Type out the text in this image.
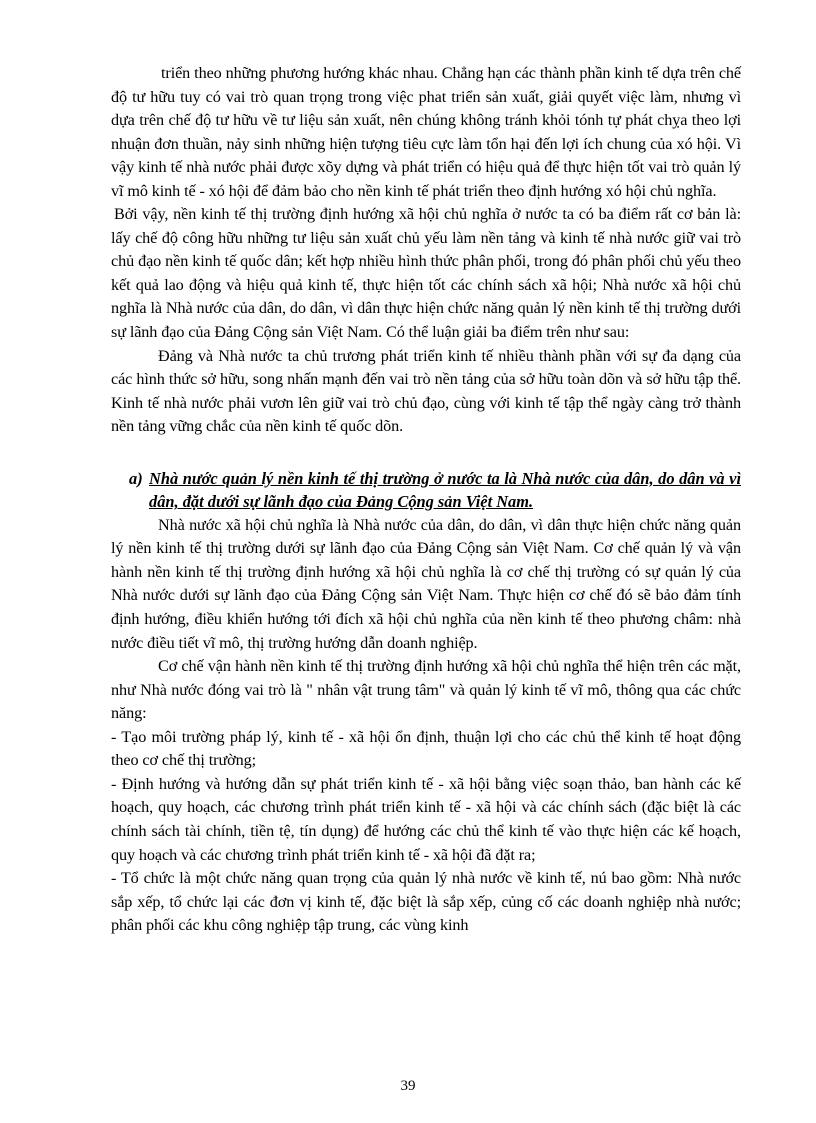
triển theo những phương hướng khác nhau. Chẳng hạn các thành phần kinh tế dựa trên chế độ tư hữu tuy có vai trò quan trọng trong việc phat triển sản xuất, giải quyết việc làm, nhưng vì dựa trên chế độ tư hữu về tư liệu sản xuất, nên chúng không tránh khỏi tónh tự phát chỵa theo lợi nhuận đơn thuần, nảy sinh những hiện tượng tiêu cực làm tổn hại đến lợi ích chung của xó hội. Vì vậy kinh tế nhà nước phải được xõy dựng và phát triển có hiệu quả để thực hiện tốt vai trò quản lý vĩ mô kinh tế - xó hội để đảm bảo cho nền kinh tế phát triển theo định hướng xó hội chủ nghĩa.

Bởi vậy, nền kinh tế thị trường định hướng xã hội chủ nghĩa ở nước ta có ba điểm rất cơ bản là: lấy chế độ công hữu những tư liệu sản xuất chủ yếu làm nền tảng và kinh tế nhà nước giữ vai trò chủ đạo nền kinh tế quốc dân; kết hợp nhiều hình thức phân phối, trong đó phân phối chủ yếu theo kết quả lao động và hiệu quả kinh tế, thực hiện tốt các chính sách xã hội; Nhà nước xã hội chủ nghĩa là Nhà nước của dân, do dân, vì dân thực hiện chức năng quản lý nền kinh tế thị trường dưới sự lãnh đạo của Đảng Cộng sản Việt Nam. Có thể luận giải ba điểm trên như sau:

Đảng và Nhà nước ta chủ trương phát triển kinh tế nhiều thành phần với sự đa dạng của các hình thức sở hữu, song nhấn mạnh đến vai trò nền tảng của sở hữu toàn dõn và sở hữu tập thể. Kinh tế nhà nước phải vươn lên giữ vai trò chủ đạo, cùng với kinh tế tập thể ngày càng trở thành nền tảng vững chắc của nền kinh tế quốc dõn.

a) Nhà nước quản lý nền kinh tế thị trường ở nước ta là Nhà nước của dân, do dân và vì dân, đặt dưới sự lãnh đạo của Đảng Cộng sản Việt Nam.

Nhà nước xã hội chủ nghĩa là Nhà nước của dân, do dân, vì dân thực hiện chức năng quản lý nền kinh tế thị trường dưới sự lãnh đạo của Đảng Cộng sản Việt Nam. Cơ chế quản lý và vận hành nền kinh tế thị trường định hướng xã hội chủ nghĩa là cơ chế thị trường có sự quản lý của Nhà nước dưới sự lãnh đạo của Đảng Cộng sản Việt Nam. Thực hiện cơ chế đó sẽ bảo đảm tính định hướng, điều khiển hướng tới đích xã hội chủ nghĩa của nền kinh tế theo phương châm: nhà nước điều tiết vĩ mô, thị trường hướng dẫn doanh nghiệp.

Cơ chế vận hành nền kinh tế thị trường định hướng xã hội chủ nghĩa thể hiện trên các mặt, như Nhà nước đóng vai trò là " nhân vật trung tâm" và quản lý kinh tế vĩ mô, thông qua các chức năng:

- Tạo môi trường pháp lý, kinh tế - xã hội ổn định, thuận lợi cho các chủ thể kinh tế hoạt động theo cơ chế thị trường;

- Định hướng và hướng dẫn sự phát triển kinh tế - xã hội bằng việc soạn thảo, ban hành các kế hoạch, quy hoạch, các chương trình phát triển kinh tế - xã hội và các chính sách (đặc biệt là các chính sách tài chính, tiền tệ, tín dụng) để hướng các chủ thể kinh tế vào thực hiện các kế hoạch, quy hoạch và các chương trình phát triển kinh tế - xã hội đã đặt ra;

- Tổ chức là một chức năng quan trọng của quản lý nhà nước về kinh tế, nú bao gồm: Nhà nước sắp xếp, tổ chức lại các đơn vị kinh tế, đặc biệt là sắp xếp, củng cố các doanh nghiệp nhà nước; phân phối các khu công nghiệp tập trung, các vùng kinh

39
